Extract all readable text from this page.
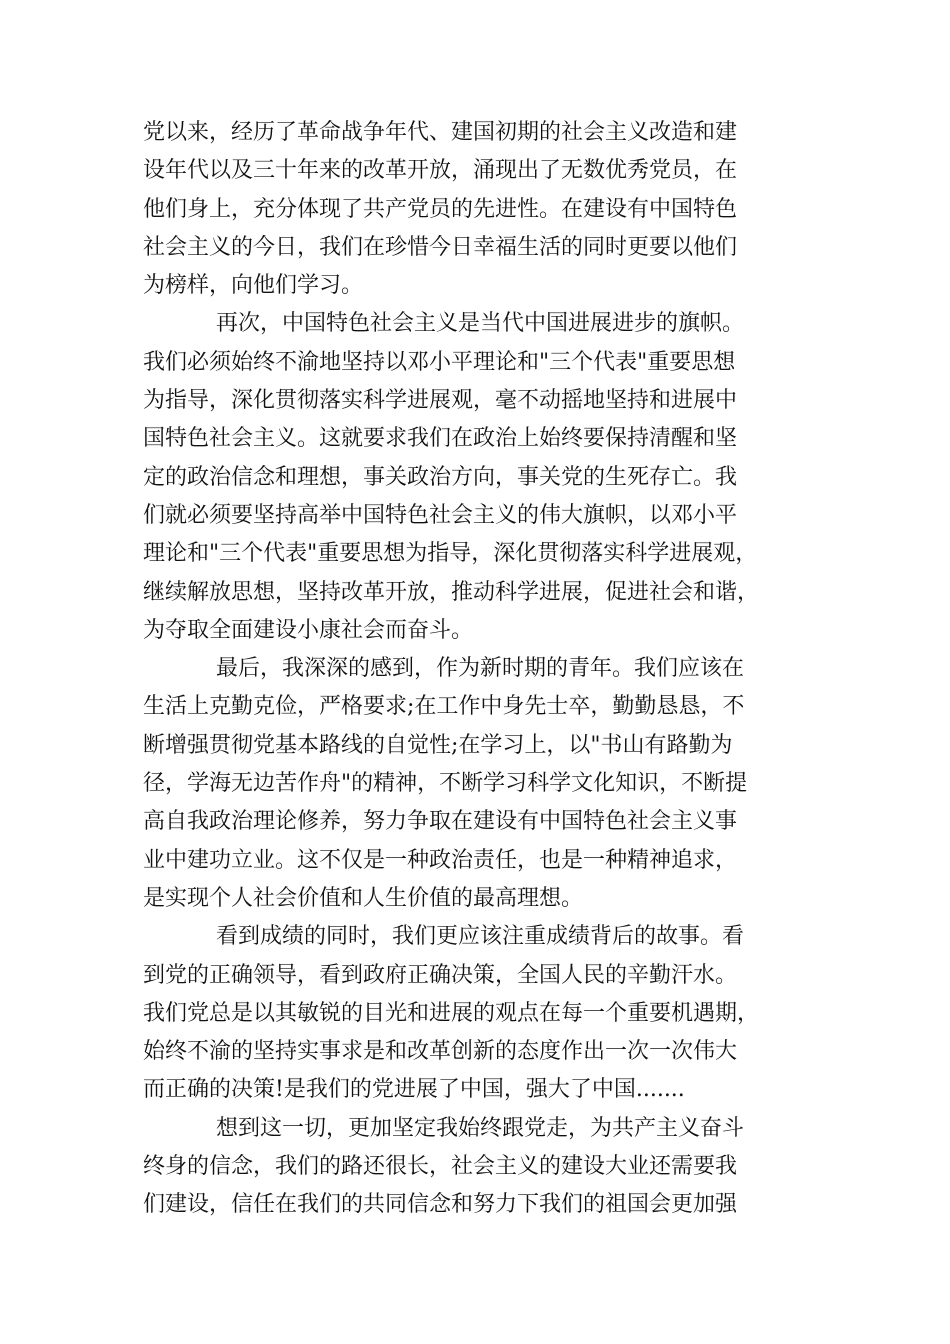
党以来，经历了革命战争年代、建国初期的社会主义改造和建
设年代以及三十年来的改革开放，涌现出了无数优秀党员，在
他们身上，充分体现了共产党员的先进性。在建设有中国特色
社会主义的今日，我们在珍惜今日幸福生活的同时更要以他们
为榜样，向他们学习。
再次，中国特色社会主义是当代中国进展进步的旗帜。
我们必须始终不渝地坚持以邓小平理论和"三个代表"重要思想
为指导，深化贯彻落实科学进展观，毫不动摇地坚持和进展中
国特色社会主义。这就要求我们在政治上始终要保持清醒和坚
定的政治信念和理想，事关政治方向，事关党的生死存亡。我
们就必须要坚持高举中国特色社会主义的伟大旗帜，以邓小平
理论和"三个代表"重要思想为指导，深化贯彻落实科学进展观，
继续解放思想，坚持改革开放，推动科学进展，促进社会和谐，
为夺取全面建设小康社会而奋斗。
最后，我深深的感到，作为新时期的青年。我们应该在
生活上克勤克俭，严格要求;在工作中身先士卒，勤勤恳恳，不
断增强贯彻党基本路线的自觉性;在学习上，以"书山有路勤为
径，学海无边苦作舟"的精神，不断学习科学文化知识，不断提
高自我政治理论修养，努力争取在建设有中国特色社会主义事
业中建功立业。这不仅是一种政治责任，也是一种精神追求，
是实现个人社会价值和人生价值的最高理想。
看到成绩的同时，我们更应该注重成绩背后的故事。看
到党的正确领导，看到政府正确决策，全国人民的辛勤汗水。
我们党总是以其敏锐的目光和进展的观点在每一个重要机遇期，
始终不渝的坚持实事求是和改革创新的态度作出一次一次伟大
而正确的决策!是我们的党进展了中国，强大了中国.......
想到这一切，更加坚定我始终跟党走，为共产主义奋斗
终身的信念，我们的路还很长，社会主义的建设大业还需要我
们建设，信任在我们的共同信念和努力下我们的祖国会更加强
